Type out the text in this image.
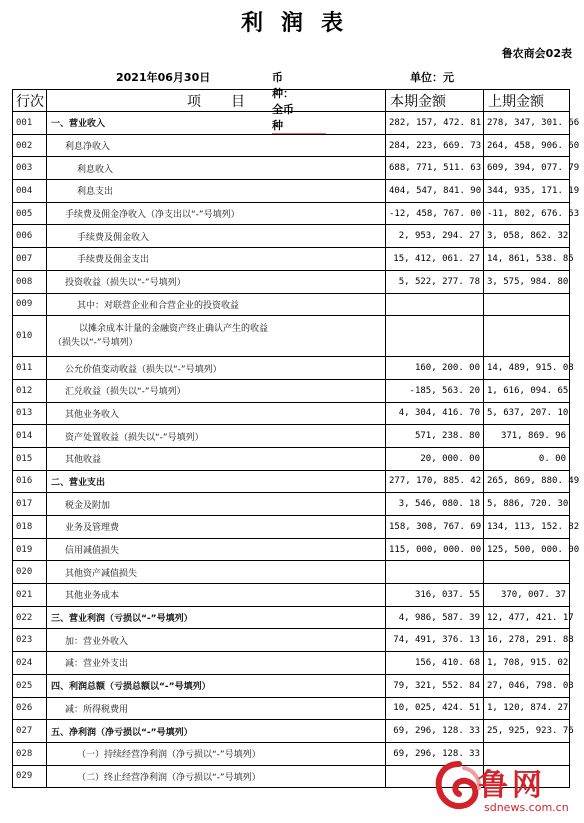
利润表
鲁农商会02表
2021年06月30日	币种：全币种
单位：元
行次	项目	本期金额	上期金额
001	一、营业收入	282, 157, 472. 81	278, 347, 301. 66
002	利息净收入	284, 223, 669. 73	264, 458, 906. 60
003	利息收入	688, 771, 511. 63	609, 394, 077. 79
004	利息支出	404, 547, 841. 90	344, 935, 171. 19
005	手续费及佣金净收入（净支出以“-”号填列）	-12, 458, 767. 00	-11, 802, 676. 53
006	手续费及佣金收入	2, 953, 294. 27	3, 058, 862. 32
007	手续费及佣金支出	15, 412, 061. 27	14, 861, 538. 85
008	投资收益（损失以“-”号填列）	5, 522, 277. 78	3, 575, 984. 80
009	其中：对联营企业和合营企业的投资收益		
010	以摊余成本计量的金融资产终止确认产生的收益
（损失以“-”号填列）		

011	公允价值变动收益（损失以“-”号填列）	160, 200. 00	14, 489, 915. 08
012	汇兑收益（损失以“-”号填列）	-185, 563. 20	1, 616, 094. 65
013	其他业务收入	4, 304, 416. 70	5, 637, 207. 10
014	资产处置收益（损失以“-”号填列）	571, 238. 80	371, 869. 96
015	其他收益	20, 000. 00	0. 00
016	二、营业支出	277, 170, 885. 42	265, 869, 880. 49
017	税金及附加	3, 546, 080. 18	5, 886, 720. 30
018	业务及管理费	158, 308, 767. 69	134, 113, 152. 82
019	信用减值损失	115, 000, 000. 00	125, 500, 000. 00
020	其他资产减值损失		
021	其他业务成本	316, 037. 55	370, 007. 37
022	三、营业利润（亏损以“-”号填列）	4, 986, 587. 39	12, 477, 421. 17
023	加：营业外收入	74, 491, 376. 13	16, 278, 291. 88
024	减：营业外支出	156, 410. 68	1, 708, 915. 02
025	四、利润总额（亏损总额以“-”号填列）	79, 321, 552. 84	27, 046, 798. 03
026	减：所得税费用	10, 025, 424. 51	1, 120, 874. 27
027	五、净利润（净亏损以“-”号填列）	69, 296, 128. 33	25, 925, 923. 76
028	（一）持续经营净利润（净亏损以“-”号填列）	69, 296, 128. 33	
029	（二）终止经营净利润（净亏损以“-”号填列）			鲁网
sdnews.com.cn
